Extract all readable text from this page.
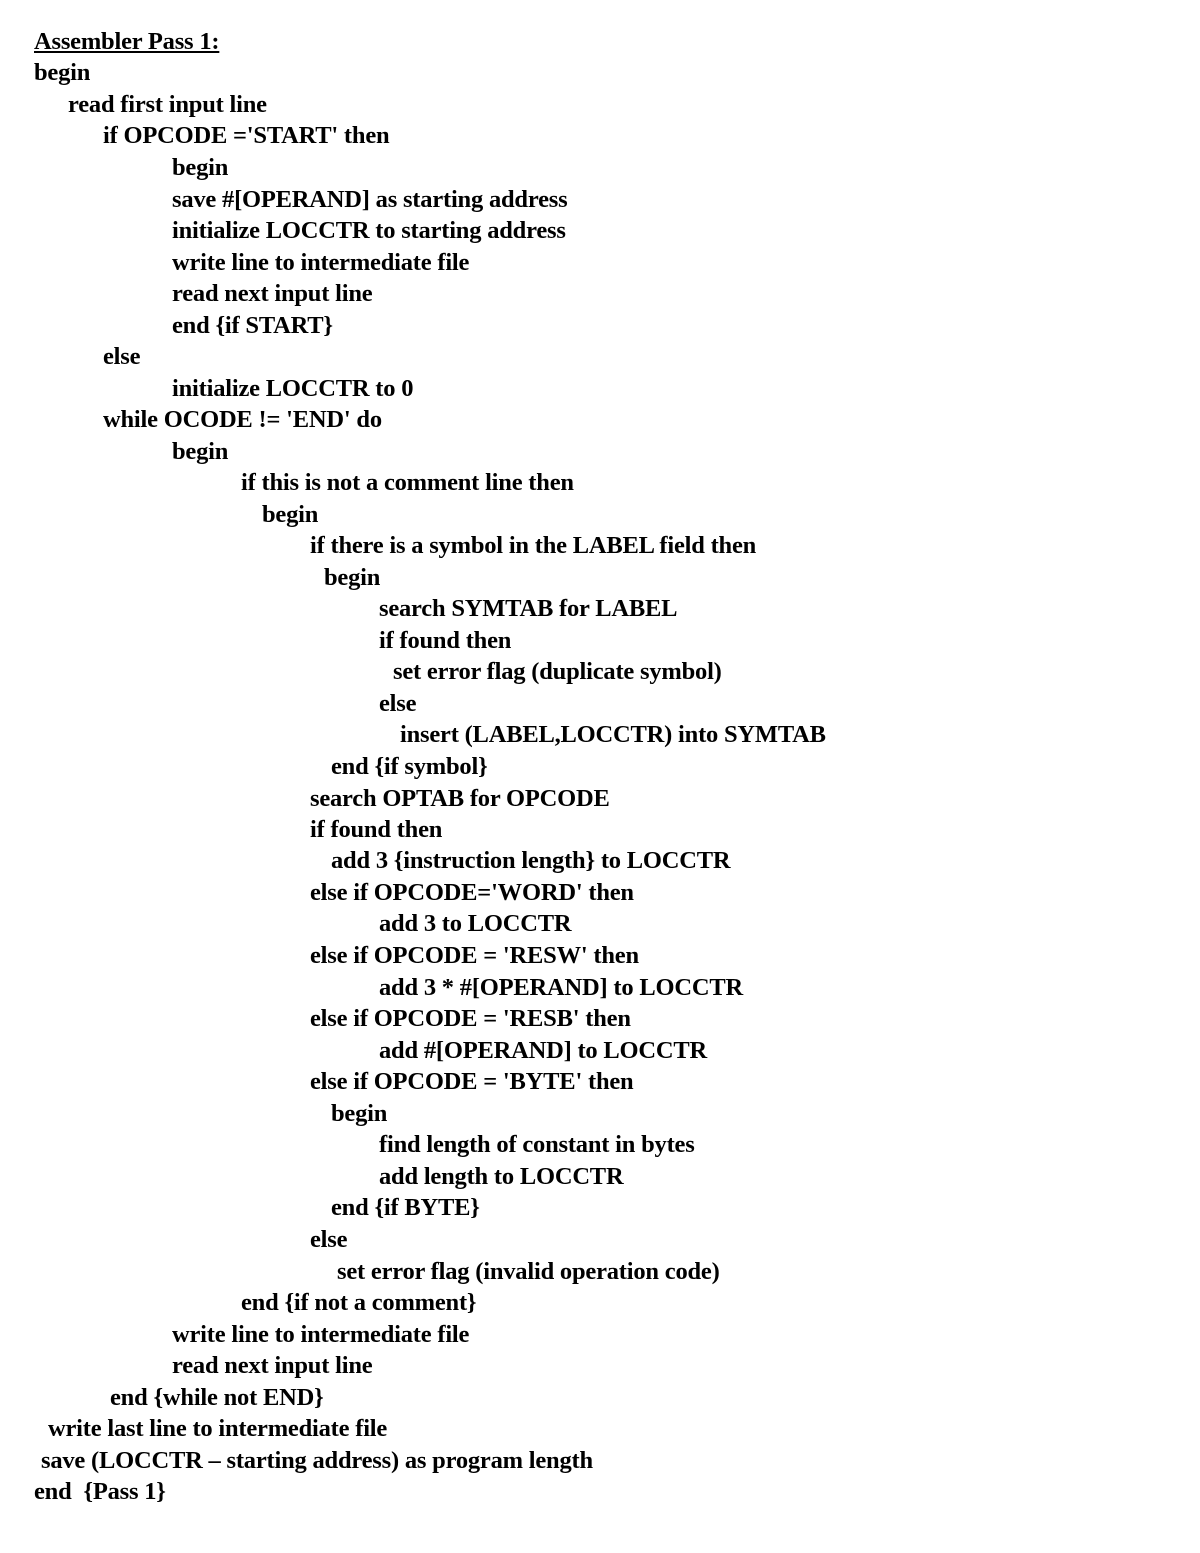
Assembler Pass 1:
begin
read first input line
if OPCODE ='START' then
begin
save #[OPERAND] as starting address
initialize LOCCTR to starting address
write line to intermediate file
read next input line
end {if START}
else
initialize LOCCTR to 0
while OCODE != 'END' do
begin
if this is not a comment line then
begin
if there is a symbol in the LABEL field then
begin
search SYMTAB for LABEL
if found then
set error flag (duplicate symbol)
else
insert (LABEL,LOCCTR) into SYMTAB
end {if symbol}
search OPTAB for OPCODE
if found then
add 3 {instruction length} to LOCCTR
else if OPCODE='WORD' then
add 3 to LOCCTR
else if OPCODE = 'RESW' then
add 3 * #[OPERAND] to LOCCTR
else if OPCODE = 'RESB' then
add #[OPERAND] to LOCCTR
else if OPCODE = 'BYTE' then
begin
find length of constant in bytes
add length to LOCCTR
end {if BYTE}
else
set error flag (invalid operation code)
end {if not a comment}
write line to intermediate file
read next input line
end {while not END}
write last line to intermediate file
save (LOCCTR – starting address) as program length
end  {Pass 1}
